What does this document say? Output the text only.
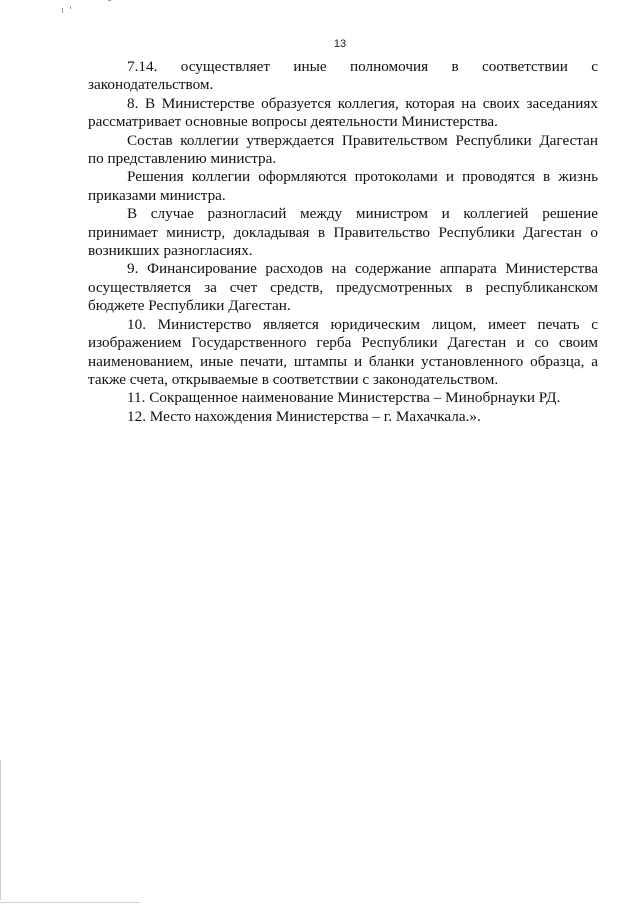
13

7.14. осуществляет иные полномочия в соответствии с законодательством.

8. В Министерстве образуется коллегия, которая на своих заседаниях рассматривает основные вопросы деятельности Министерства.

Состав коллегии утверждается Правительством Республики Дагестан по представлению министра.

Решения коллегии оформляются протоколами и проводятся в жизнь приказами министра.

В случае разногласий между министром и коллегией решение принимает министр, докладывая в Правительство Республики Дагестан о возникших разногласиях.

9. Финансирование расходов на содержание аппарата Министерства осуществляется за счет средств, предусмотренных в республиканском бюджете Республики Дагестан.

10. Министерство является юридическим лицом, имеет печать с изображением Государственного герба Республики Дагестан и со своим наименованием, иные печати, штампы и бланки установленного образца, а также счета, открываемые в соответствии с законодательством.

11. Сокращенное наименование Министерства – Минобрнауки РД.

12. Место нахождения Министерства – г. Махачкала.».
